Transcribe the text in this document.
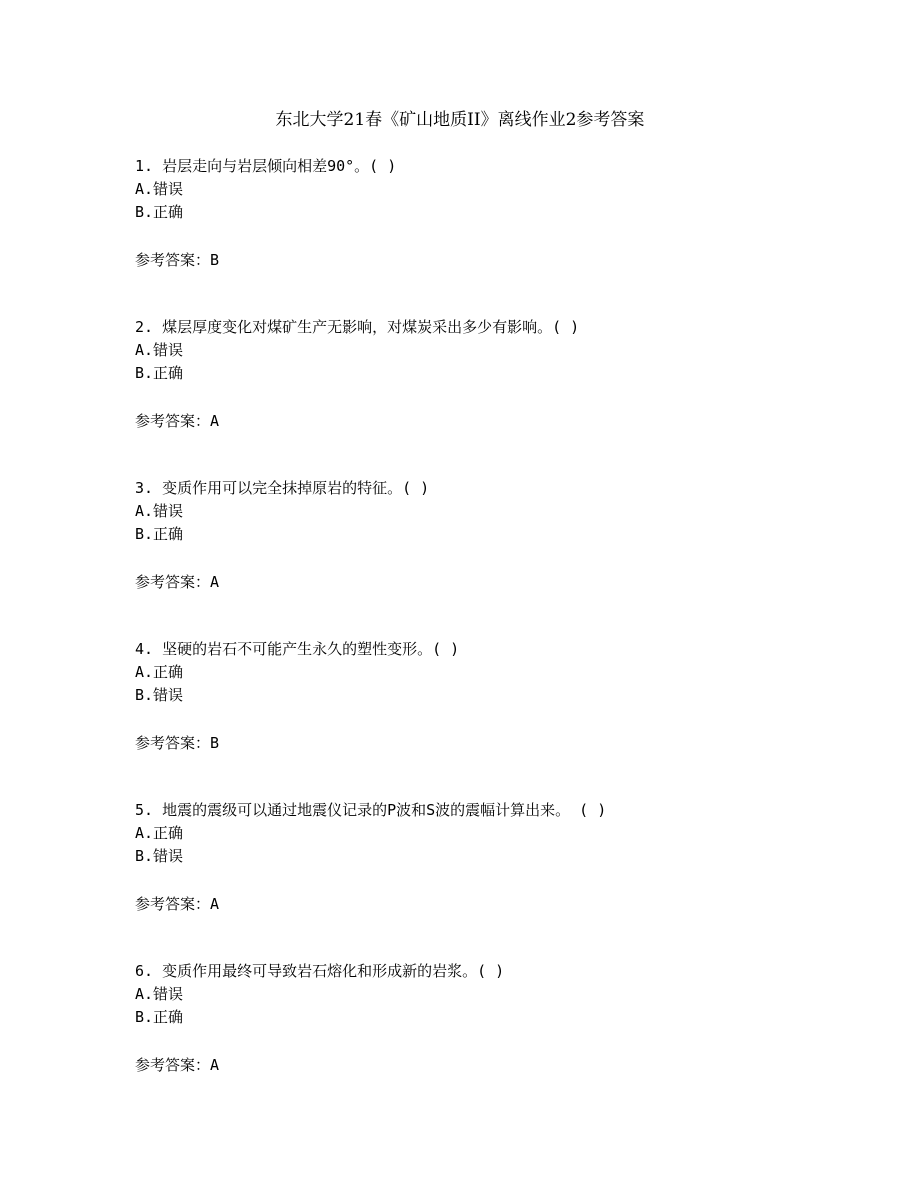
东北大学21春《矿山地质II》离线作业2参考答案
1. 岩层走向与岩层倾向相差90°。( )
A.错误
B.正确
参考答案：B
2. 煤层厚度变化对煤矿生产无影响，对煤炭采出多少有影响。( )
A.错误
B.正确
参考答案：A
3. 变质作用可以完全抹掉原岩的特征。( )
A.错误
B.正确
参考答案：A
4. 坚硬的岩石不可能产生永久的塑性变形。( )
A.正确
B.错误
参考答案：B
5. 地震的震级可以通过地震仪记录的P波和S波的震幅计算出来。 ( )
A.正确
B.错误
参考答案：A
6. 变质作用最终可导致岩石熔化和形成新的岩浆。( )
A.错误
B.正确
参考答案：A
